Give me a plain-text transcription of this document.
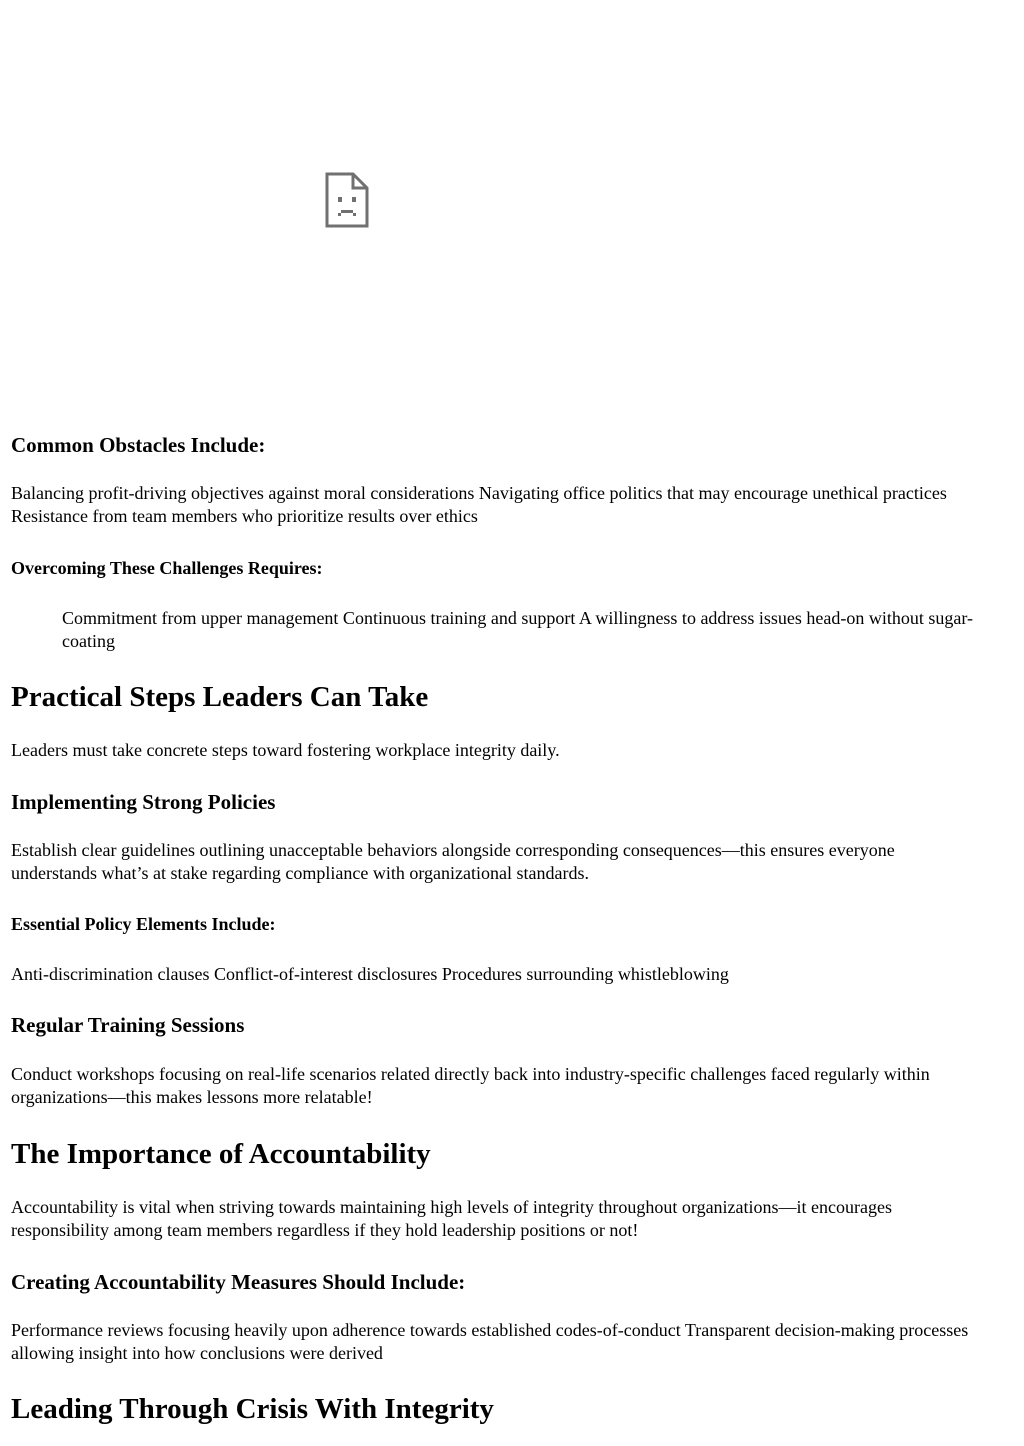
Common Obstacles Include:

Balancing profit-driving objectives against moral considerations Navigating office politics that may encourage unethical practices Resistance from team members who prioritize results over ethics

Overcoming These Challenges Requires:

Commitment from upper management Continuous training and support A willingness to address issues head-on without sugar-coating

Practical Steps Leaders Can Take

Leaders must take concrete steps toward fostering workplace integrity daily.

Implementing Strong Policies

Establish clear guidelines outlining unacceptable behaviors alongside corresponding consequences—this ensures everyone understands what’s at stake regarding compliance with organizational standards.

Essential Policy Elements Include:

Anti-discrimination clauses Conflict-of-interest disclosures Procedures surrounding whistleblowing

Regular Training Sessions

Conduct workshops focusing on real-life scenarios related directly back into industry-specific challenges faced regularly within organizations—this makes lessons more relatable!

The Importance of Accountability

Accountability is vital when striving towards maintaining high levels of integrity throughout organizations—it encourages responsibility among team members regardless if they hold leadership positions or not!

Creating Accountability Measures Should Include:

Performance reviews focusing heavily upon adherence towards established codes-of-conduct Transparent decision-making processes allowing insight into how conclusions were derived

Leading Through Crisis With Integrity
